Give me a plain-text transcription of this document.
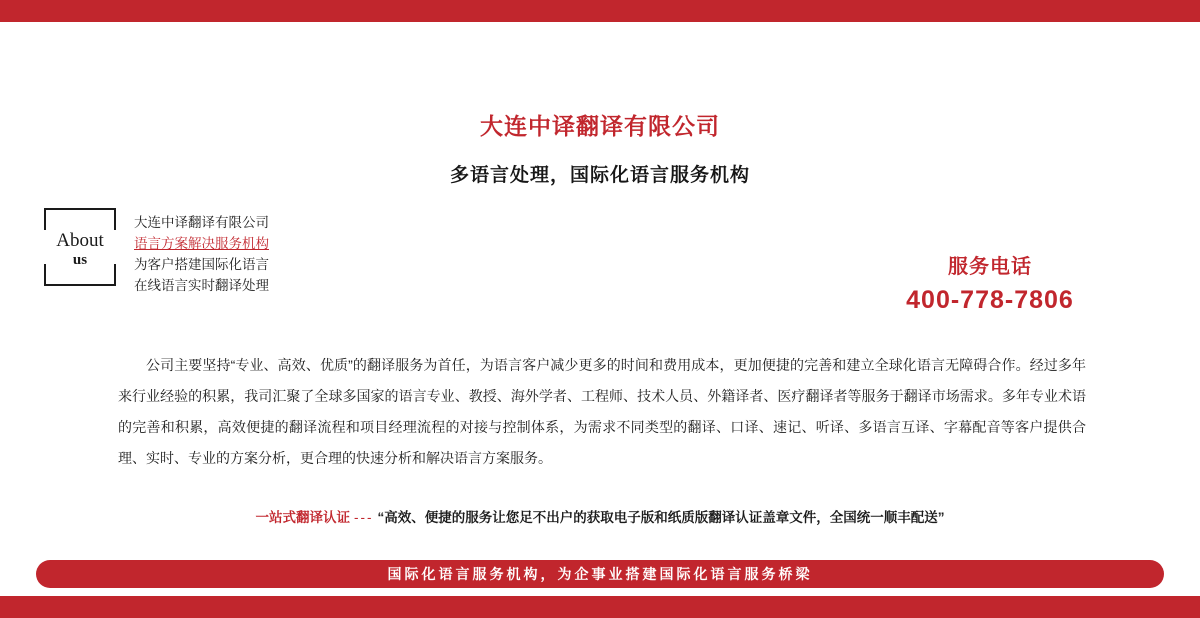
大连中译翻译有限公司
多语言处理，国际化语言服务机构
About
us
大连中译翻译有限公司
语言方案解决服务机构
为客户搭建国际化语言
在线语言实时翻译处理
服务电话
400-778-7806
公司主要坚持“专业、高效、优质”的翻译服务为首任，为语言客户减少更多的时间和费用成本，更加便捷的完善和建立全球化语言无障碍合作。经过多年来行业经验的积累，我司汇聚了全球多国家的语言专业、教授、海外学者、工程师、技术人员、外籍译者、医疗翻译者等服务于翻译市场需求。多年专业术语的完善和积累，高效便捷的翻译流程和项目经理流程的对接与控制体系，为需求不同类型的翻译、口译、速记、听译、多语言互译、字幕配音等客户提供合理、实时、专业的方案分析，更合理的快速分析和解决语言方案服务。
一站式翻译认证 --- “高效、便捷的服务让您足不出户的获取电子版和纸质版翻译认证盖章文件，全国统一顺丰配送”
国际化语言服务机构，为企事业搭建国际化语言服务桥梁
